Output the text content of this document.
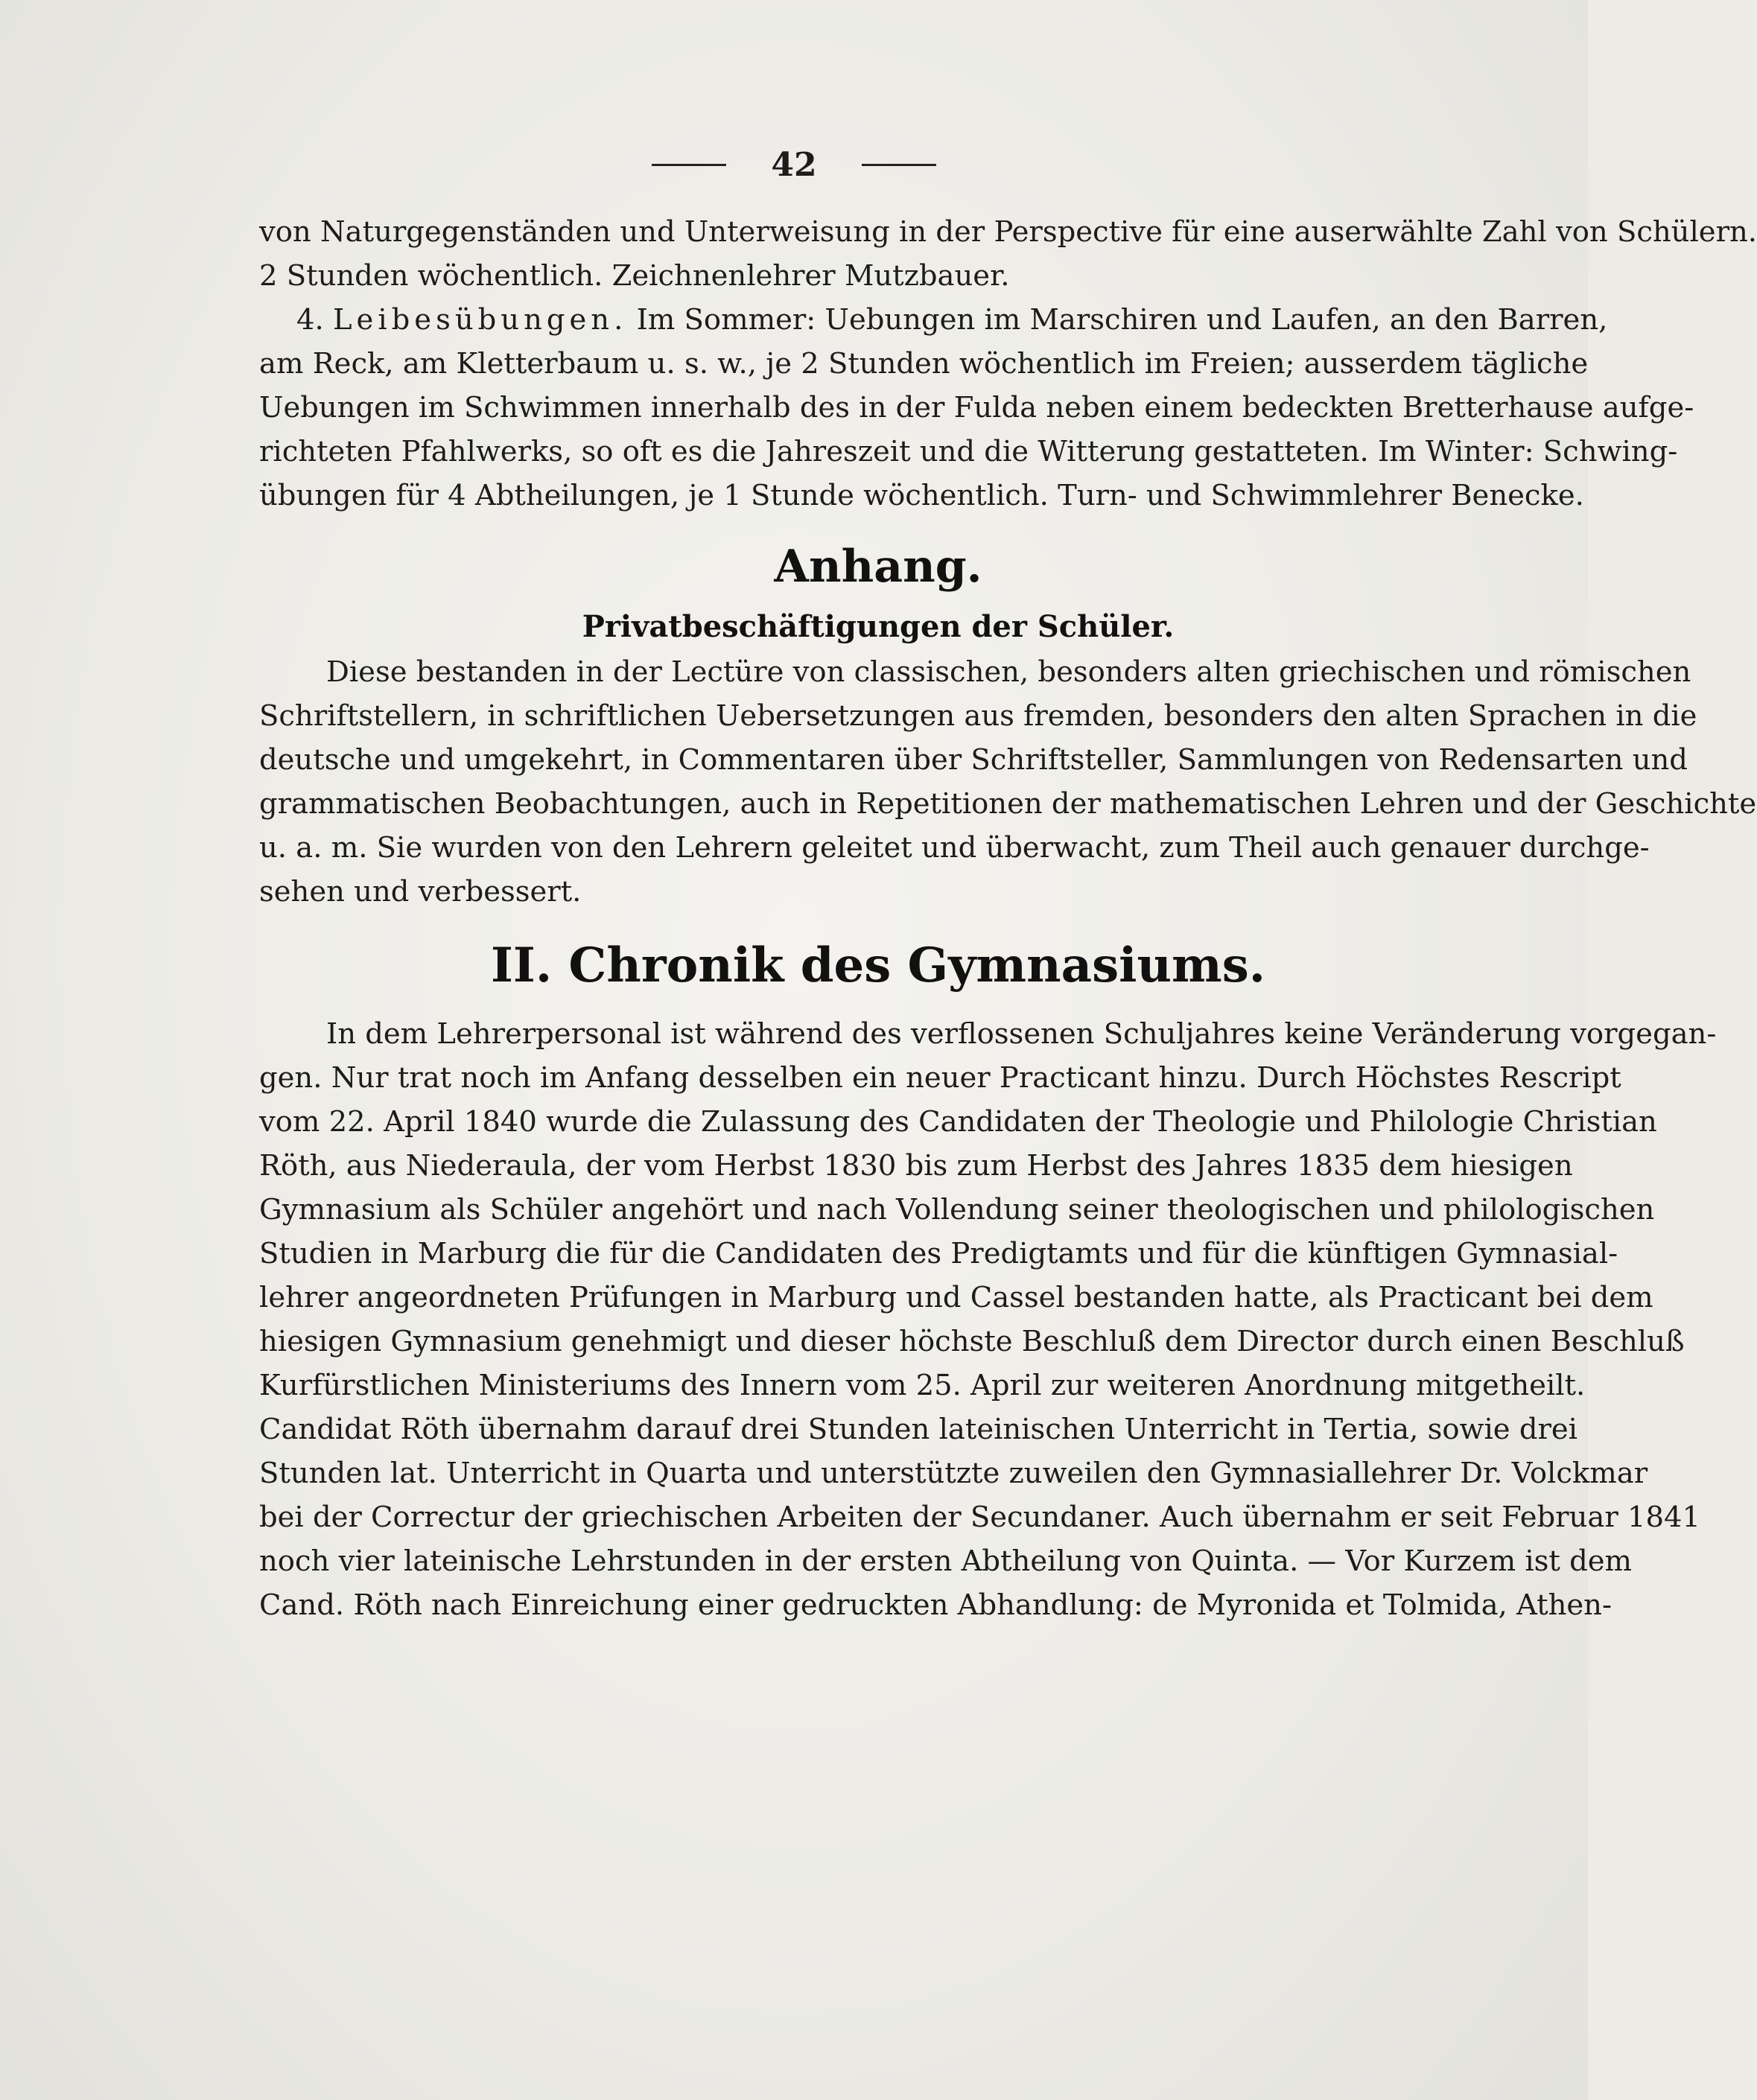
42
von Naturgegenständen und Unterweisung in der Perspective für eine auserwählte Zahl von Schülern.
2 Stunden wöchentlich. Zeichnenlehrer Mutzbauer.
4. Leibesübungen. Im Sommer: Uebungen im Marschiren und Laufen, an den Barren,
am Reck, am Kletterbaum u. s. w., je 2 Stunden wöchentlich im Freien; ausserdem tägliche
Uebungen im Schwimmen innerhalb des in der Fulda neben einem bedeckten Bretterhause aufge-
richteten Pfahlwerks, so oft es die Jahreszeit und die Witterung gestatteten. Im Winter: Schwing-
übungen für 4 Abtheilungen, je 1 Stunde wöchentlich. Turn- und Schwimmlehrer Benecke.
Anhang.
Privatbeschäftigungen der Schüler.
Diese bestanden in der Lectüre von classischen, besonders alten griechischen und römischen
Schriftstellern, in schriftlichen Uebersetzungen aus fremden, besonders den alten Sprachen in die
deutsche und umgekehrt, in Commentaren über Schriftsteller, Sammlungen von Redensarten und
grammatischen Beobachtungen, auch in Repetitionen der mathematischen Lehren und der Geschichte
u. a. m. Sie wurden von den Lehrern geleitet und überwacht, zum Theil auch genauer durchge-
sehen und verbessert.
II. Chronik des Gymnasiums.
In dem Lehrerpersonal ist während des verflossenen Schuljahres keine Veränderung vorgegan-
gen. Nur trat noch im Anfang desselben ein neuer Practicant hinzu. Durch Höchstes Rescript
vom 22. April 1840 wurde die Zulassung des Candidaten der Theologie und Philologie Christian
Röth, aus Niederaula, der vom Herbst 1830 bis zum Herbst des Jahres 1835 dem hiesigen
Gymnasium als Schüler angehört und nach Vollendung seiner theologischen und philologischen
Studien in Marburg die für die Candidaten des Predigtamts und für die künftigen Gymnasial-
lehrer angeordneten Prüfungen in Marburg und Cassel bestanden hatte, als Practicant bei dem
hiesigen Gymnasium genehmigt und dieser höchste Beschluß dem Director durch einen Beschluß
Kurfürstlichen Ministeriums des Innern vom 25. April zur weiteren Anordnung mitgetheilt.
Candidat Röth übernahm darauf drei Stunden lateinischen Unterricht in Tertia, sowie drei
Stunden lat. Unterricht in Quarta und unterstützte zuweilen den Gymnasiallehrer Dr. Volckmar
bei der Correctur der griechischen Arbeiten der Secundaner. Auch übernahm er seit Februar 1841
noch vier lateinische Lehrstunden in der ersten Abtheilung von Quinta. — Vor Kurzem ist dem
Cand. Röth nach Einreichung einer gedruckten Abhandlung: de Myronida et Tolmida, Athen-
